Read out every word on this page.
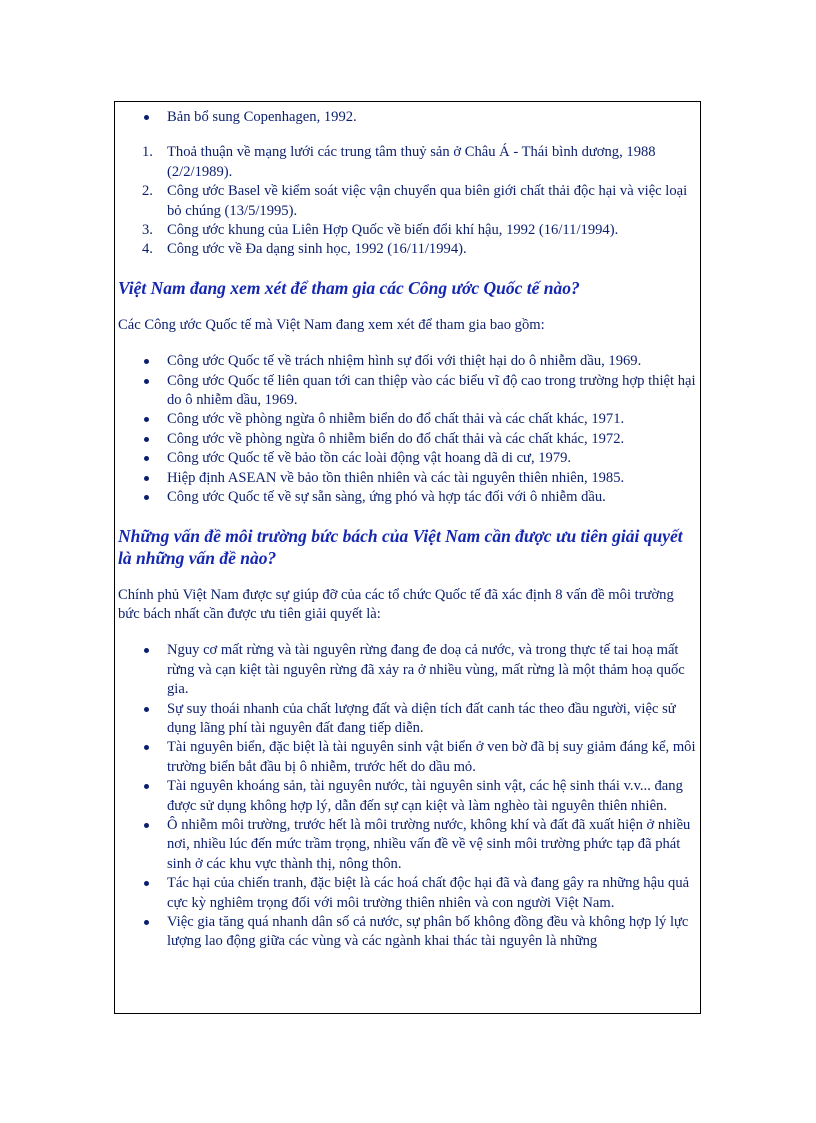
Bản bổ sung Copenhagen, 1992.
1. Thoả thuận về mạng lưới các trung tâm thuỷ sản ở Châu Á - Thái bình dương, 1988 (2/2/1989).
2. Công ước Basel về kiểm soát việc vận chuyển qua biên giới chất thải độc hại và việc loại bỏ chúng (13/5/1995).
3. Công ước khung của Liên Hợp Quốc về biến đổi khí hậu, 1992 (16/11/1994).
4. Công ước về Đa dạng sinh học, 1992 (16/11/1994).
Việt Nam đang xem xét để tham gia các Công ước Quốc tế nào?

Các Công ước Quốc tế mà Việt Nam đang xem xét để tham gia bao gồm:

Công ước Quốc tế về trách nhiệm hình sự đối với thiệt hại do ô nhiễm dầu, 1969.
Công ước Quốc tế liên quan tới can thiệp vào các biểu vĩ độ cao trong trường hợp thiệt hại do ô nhiễm dầu, 1969.
Công ước về phòng ngừa ô nhiễm biển do đổ chất thải và các chất khác, 1971.
Công ước về phòng ngừa ô nhiễm biển do đổ chất thải và các chất khác, 1972.
Công ước Quốc tế về bảo tồn các loài động vật hoang dã di cư, 1979.
Hiệp định ASEAN về bảo tồn thiên nhiên và các tài nguyên thiên nhiên, 1985.
Công ước Quốc tế về sự sẵn sàng, ứng phó và hợp tác đối với ô nhiễm dầu.
Những vấn đề môi trường bức bách của Việt Nam cần được ưu tiên giải quyết là những vấn đề nào?

Chính phủ Việt Nam được sự giúp đỡ của các tổ chức Quốc tế đã xác định 8 vấn đề môi trường bức bách nhất cần được ưu tiên giải quyết là:

Nguy cơ mất rừng và tài nguyên rừng đang đe doạ cả nước, và trong thực tế tai hoạ mất rừng và cạn kiệt tài nguyên rừng đã xảy ra ở nhiều vùng, mất rừng là một thảm hoạ quốc gia.
Sự suy thoái nhanh của chất lượng đất và diện tích đất canh tác theo đầu người, việc sử dụng lãng phí tài nguyên đất đang tiếp diễn.
Tài nguyên biển, đặc biệt là tài nguyên sinh vật biển ở ven bờ đã bị suy giảm đáng kể, môi trường biển bắt đầu bị ô nhiễm, trước hết do dầu mỏ.
Tài nguyên khoáng sản, tài nguyên nước, tài nguyên sinh vật, các hệ sinh thái v.v... đang được sử dụng không hợp lý, dẫn đến sự cạn kiệt và làm nghèo tài nguyên thiên nhiên.
Ô nhiễm môi trường, trước hết là môi trường nước, không khí và đất đã xuất hiện ở nhiều nơi, nhiều lúc đến mức trầm trọng, nhiều vấn đề về vệ sinh môi trường phức tạp đã phát sinh ở các khu vực thành thị, nông thôn.
Tác hại của chiến tranh, đặc biệt là các hoá chất độc hại đã và đang gây ra những hậu quả cực kỳ nghiêm trọng đối với môi trường thiên nhiên và con người Việt Nam.
Việc gia tăng quá nhanh dân số cả nước, sự phân bố không đồng đều và không hợp lý lực lượng lao động giữa các vùng và các ngành khai thác tài nguyên là những
